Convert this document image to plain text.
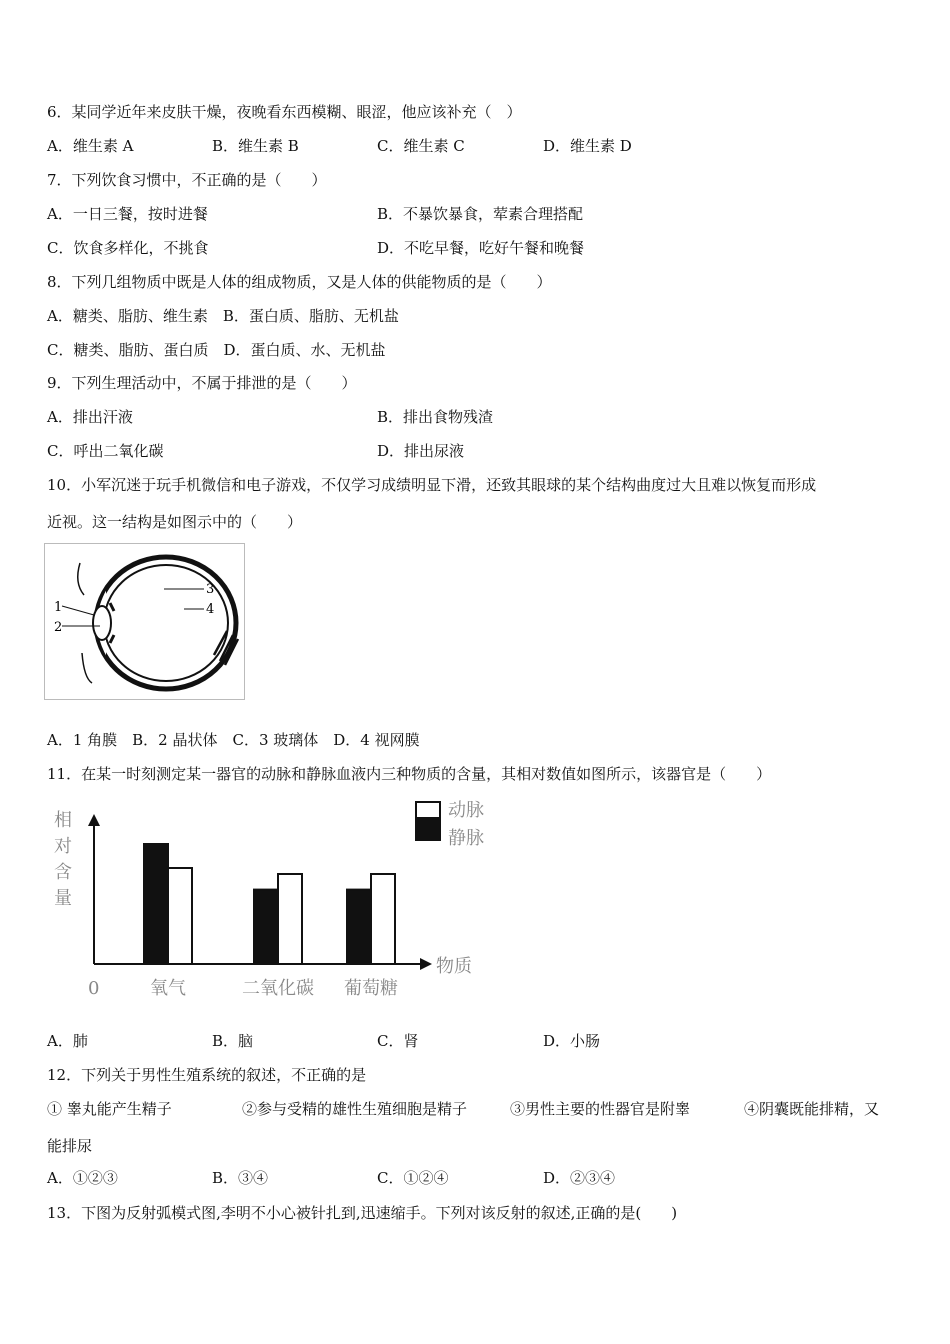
6．某同学近年来皮肤干燥，夜晚看东西模糊、眼涩，他应该补充（　）
A．维生素 A	B．维生素 B	C．维生素 C	D．维生素 D
7．下列饮食习惯中，不正确的是（　　）
A．一日三餐，按时进餐	B．不暴饮暴食，荤素合理搭配
C．饮食多样化，不挑食	D．不吃早餐，吃好午餐和晚餐
8．下列几组物质中既是人体的组成物质，又是人体的供能物质的是（　　）
A．糖类、脂肪、维生素　B．蛋白质、脂肪、无机盐
C．糖类、脂肪、蛋白质　D．蛋白质、水、无机盐
9．下列生理活动中，不属于排泄的是（　　）
A．排出汗液	B．排出食物残渣
C．呼出二氧化碳	D．排出尿液
10．小军沉迷于玩手机微信和电子游戏，不仅学习成绩明显下滑，还致其眼球的某个结构曲度过大且难以恢复而形成
近视。这一结构是如图示中的（　　）
1
2
3
4
A．1 角膜　B．2 晶状体　C．3 玻璃体　D．4 视网膜
11．在某一时刻测定某一器官的动脉和静脉血液内三种物质的含量，其相对数值如图所示，该器官是（　　）
相
对
含
量
物质
0	氧气	二氧化碳 葡萄糖
动脉
静脉
A．肺	B．脑	C．肾	D．小肠
12．下列关于男性生殖系统的叙述，不正确的是
① 睾丸能产生精子	②参与受精的雄性生殖细胞是精子	③男性主要的性器官是附睾	④阴囊既能排精，又
能排尿
A．①②③	B．③④	C．①②④	D．②③④
13．下图为反射弧模式图,李明不小心被针扎到,迅速缩手。下列对该反射的叙述,正确的是(　　)
